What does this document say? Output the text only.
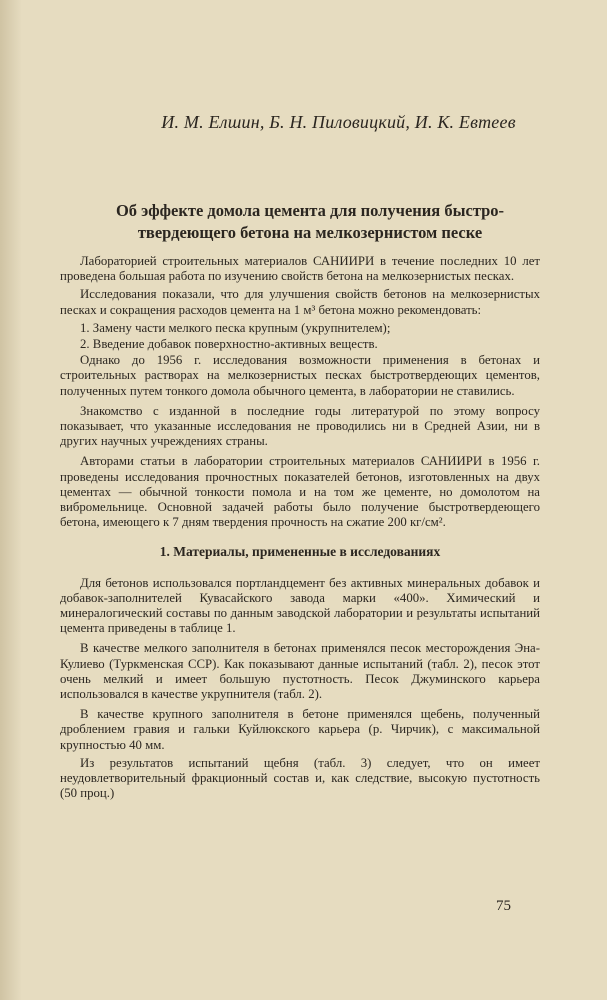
И. М. Елшин, Б. Н. Пиловицкий, И. К. Евтеев
Об эффекте домола цемента для получения быстро-
твердеющего бетона на мелкозернистом песке

Лабораторией строительных материалов САНИИРИ в течение последних 10 лет проведена большая работа по изучению свойств бетона на мелкозернистых песках.

Исследования показали, что для улучшения свойств бетонов на мелкозернистых песках и сокращения расходов цемента на 1 м³ бетона можно рекомендовать:

1. Замену части мелкого песка крупным (укрупнителем);

2. Введение добавок поверхностно-активных веществ.

Однако до 1956 г. исследования возможности применения в бетонах и строительных растворах на мелкозернистых песках быстротвердеющих цементов, полученных путем тонкого домола обычного цемента, в лаборатории не ставились.

Знакомство с изданной в последние годы литературой по этому вопросу показывает, что указанные исследования не проводились ни в Средней Азии, ни в других научных учреждениях страны.

Авторами статьи в лаборатории строительных материалов САНИИРИ в 1956 г. проведены исследования прочностных показателей бетонов, изготовленных на двух цементах — обычной тонкости помола и на том же цементе, но домолотом на вибромельнице. Основной задачей работы было получение быстротвердеющего бетона, имеющего к 7 дням твердения прочность на сжатие 200 кг/см².

1. Материалы, примененные в исследованиях

Для бетонов использовался портландцемент без активных минеральных добавок и добавок-заполнителей Кувасайского завода марки «400». Химический и минералогический составы по данным заводской лаборатории и результаты испытаний цемента приведены в таблице 1.

В качестве мелкого заполнителя в бетонах применялся песок месторождения Эна-Кулиево (Туркменская ССР). Как показывают данные испытаний (табл. 2), песок этот очень мелкий и имеет большую пустотность. Песок Джуминского карьера использовался в качестве укрупнителя (табл. 2).

В качестве крупного заполнителя в бетоне применялся щебень, полученный дроблением гравия и гальки Куйлюкского карьера (р. Чирчик), с максимальной крупностью 40 мм.

Из результатов испытаний щебня (табл. 3) следует, что он имеет неудовлетворительный фракционный состав и, как следствие, высокую пустотность (50 проц.)

75
